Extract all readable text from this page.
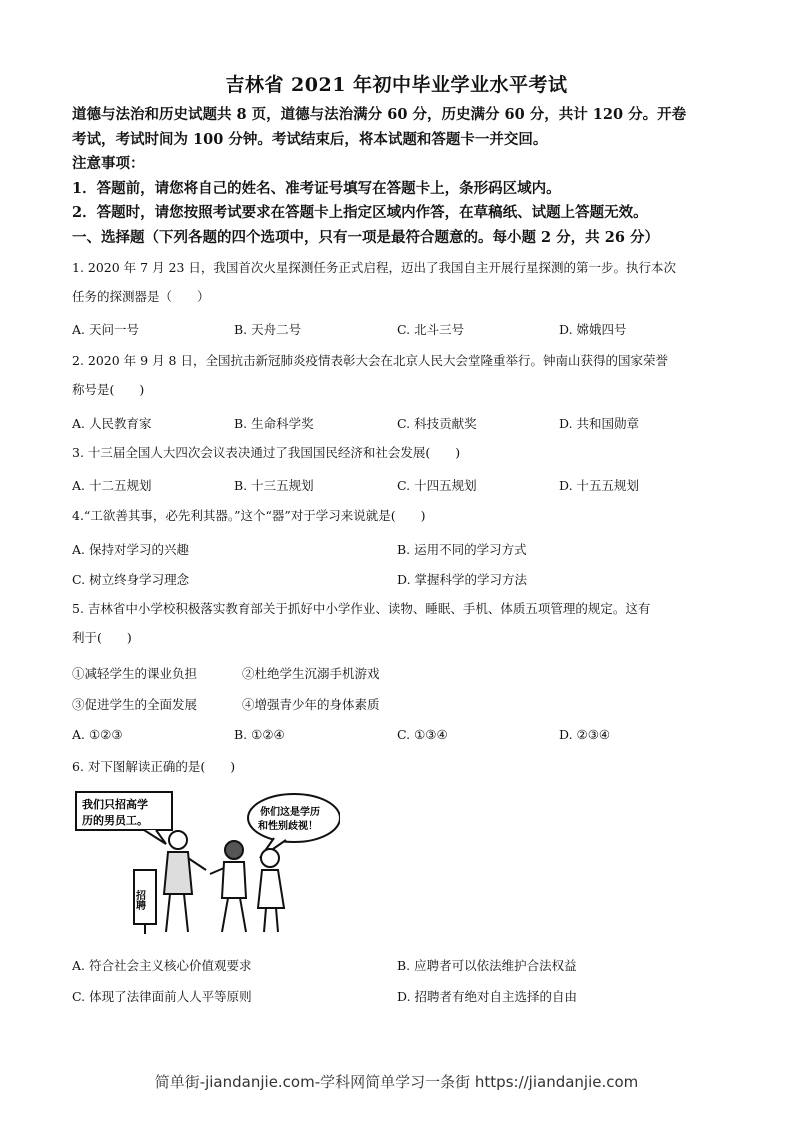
吉林省 2021 年初中毕业学业水平考试

道德与法治和历史试题共 8 页，道德与法治满分 60 分，历史满分 60 分，共计 120 分。开卷

考试，考试时间为 100 分钟。考试结束后，将本试题和答题卡一并交回。

注意事项：

1．答题前，请您将自己的姓名、准考证号填写在答题卡上，条形码区域内。

2．答题时，请您按照考试要求在答题卡上指定区域内作答，在草稿纸、试题上答题无效。

一、选择题（下列各题的四个选项中，只有一项是最符合题意的。每小题 2 分，共 26 分）

1. 2020 年 7 月 23 日，我国首次火星探测任务正式启程，迈出了我国自主开展行星探测的第一步。执行本次

任务的探测器是（　　）

A. 天问一号	B. 天舟二号	C. 北斗三号	D. 嫦娥四号

2. 2020 年 9 月 8 日，全国抗击新冠肺炎疫情表彰大会在北京人民大会堂隆重举行。钟南山获得的国家荣誉

称号是(　　)

A. 人民教育家	B. 生命科学奖	C. 科技贡献奖	D. 共和国勋章

3. 十三届全国人大四次会议表决通过了我国国民经济和社会发展(　　)

A. 十二五规划	B. 十三五规划	C. 十四五规划	D. 十五五规划

4.“工欲善其事，必先利其器。”这个“器”对于学习来说就是(　　)

A. 保持对学习的兴趣	B. 运用不同的学习方式
C. 树立终身学习理念	D. 掌握科学的学习方法

5. 吉林省中小学校积极落实教育部关于抓好中小学作业、读物、睡眠、手机、体质五项管理的规定。这有

利于(　　)

①减轻学生的课业负担	②杜绝学生沉溺手机游戏
③促进学生的全面发展	④增强青少年的身体素质
A. ①②③	B. ①②④	C. ①③④	D. ②③④

6. 对下图解读正确的是(　　)

我们只招高学
历的男员工。
你们这是学历
和性别歧视！
招聘
A. 符合社会主义核心价值观要求	B. 应聘者可以依法维护合法权益
C. 体现了法律面前人人平等原则	D. 招聘者有绝对自主选择的自由
简单街-jiandanjie.com-学科网简单学习一条街 https://jiandanjie.com
